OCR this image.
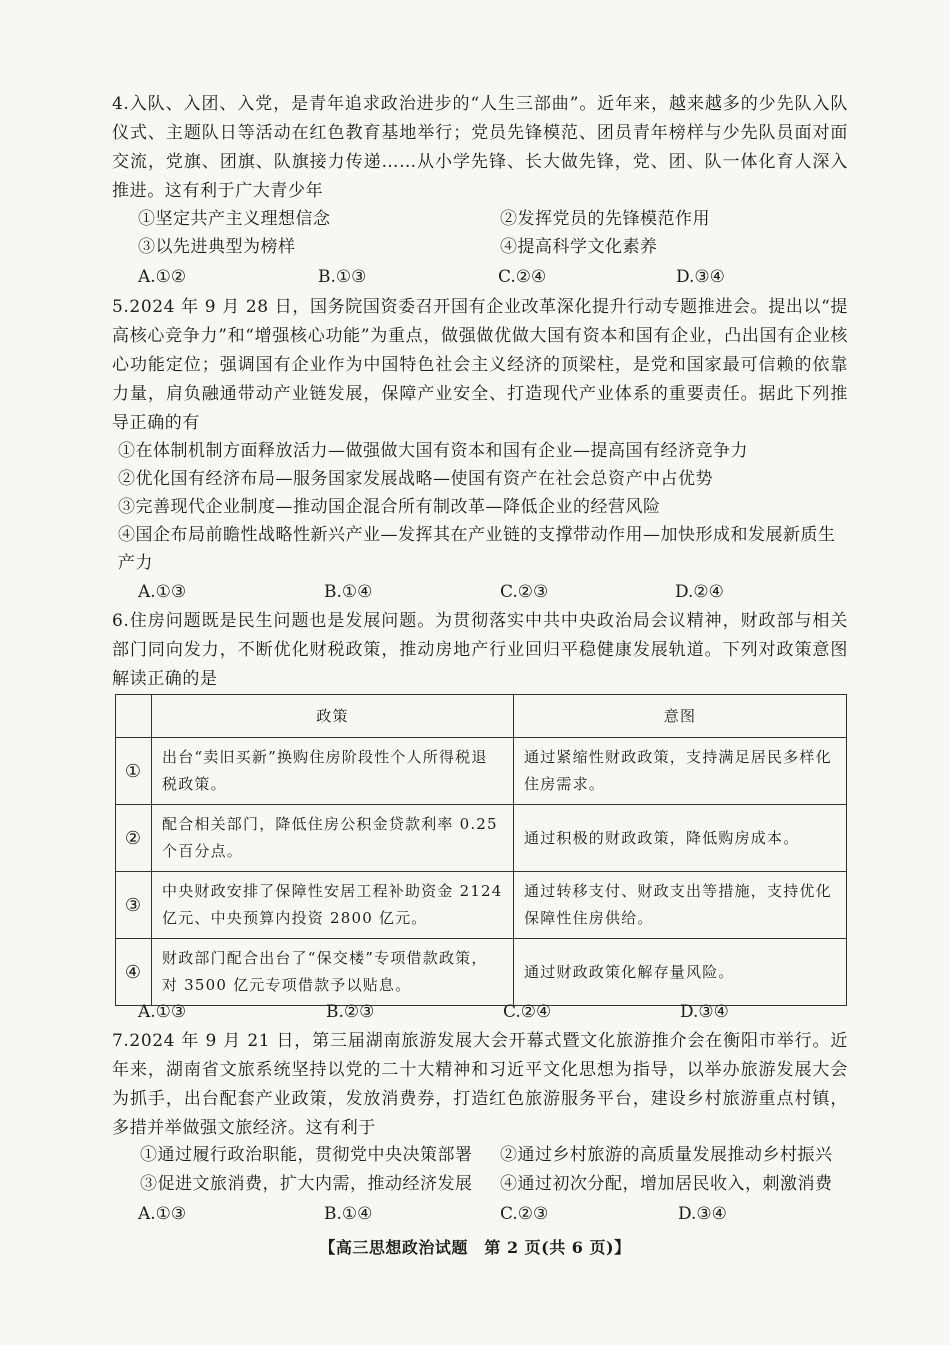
4.入队、入团、入党，是青年追求政治进步的“人生三部曲”。近年来，越来越多的少先队入队仪式、主题队日等活动在红色教育基地举行；党员先锋模范、团员青年榜样与少先队员面对面交流，党旗、团旗、队旗接力传递……从小学先锋、长大做先锋，党、团、队一体化育人深入推进。这有利于广大青少年

①坚定共产主义理想信念	②发挥党员的先锋模范作用
③以先进典型为榜样	④提高科学文化素养
A.①②	B.①③	C.②④	D.③④

5.2024 年 9 月 28 日，国务院国资委召开国有企业改革深化提升行动专题推进会。提出以“提高核心竞争力”和“增强核心功能”为重点，做强做优做大国有资本和国有企业，凸出国有企业核心功能定位；强调国有企业作为中国特色社会主义经济的顶梁柱，是党和国家最可信赖的依靠力量，肩负融通带动产业链发展，保障产业安全、打造现代产业体系的重要责任。据此下列推导正确的有

①在体制机制方面释放活力—做强做大国有资本和国有企业—提高国有经济竞争力
②优化国有经济布局—服务国家发展战略—使国有资产在社会总资产中占优势
③完善现代企业制度—推动国企混合所有制改革—降低企业的经营风险
④国企布局前瞻性战略性新兴产业—发挥其在产业链的支撑带动作用—加快形成和发展新质生产力
A.①③	B.①④	C.②③	D.②④

6.住房问题既是民生问题也是发展问题。为贯彻落实中共中央政治局会议精神，财政部与相关部门同向发力，不断优化财税政策，推动房地产行业回归平稳健康发展轨道。下列对政策意图解读正确的是

	政策	意图
①	出台“卖旧买新”换购住房阶段性个人所得税退税政策。	通过紧缩性财政政策，支持满足居民多样化住房需求。
②	配合相关部门，降低住房公积金贷款利率 0.25个百分点。	通过积极的财政政策，降低购房成本。
③	中央财政安排了保障性安居工程补助资金 2124 亿元、中央预算内投资 2800 亿元。	通过转移支付、财政支出等措施，支持优化保障性住房供给。
④	财政部门配合出台了“保交楼”专项借款政策，对 3500 亿元专项借款予以贴息。	通过财政政策化解存量风险。
A.①③	B.②③	C.②④	D.③④

7.2024 年 9 月 21 日，第三届湖南旅游发展大会开幕式暨文化旅游推介会在衡阳市举行。近年来，湖南省文旅系统坚持以党的二十大精神和习近平文化思想为指导，以举办旅游发展大会为抓手，出台配套产业政策，发放消费券，打造红色旅游服务平台，建设乡村旅游重点村镇，多措并举做强文旅经济。这有利于

①通过履行政治职能，贯彻党中央决策部署 ②通过乡村旅游的高质量发展推动乡村振兴
③促进文旅消费，扩大内需，推动经济发展 ④通过初次分配，增加居民收入，刺激消费
A.①③	B.①④	C.②③	D.③④
【高三思想政治试题　第 2 页(共 6 页)】
